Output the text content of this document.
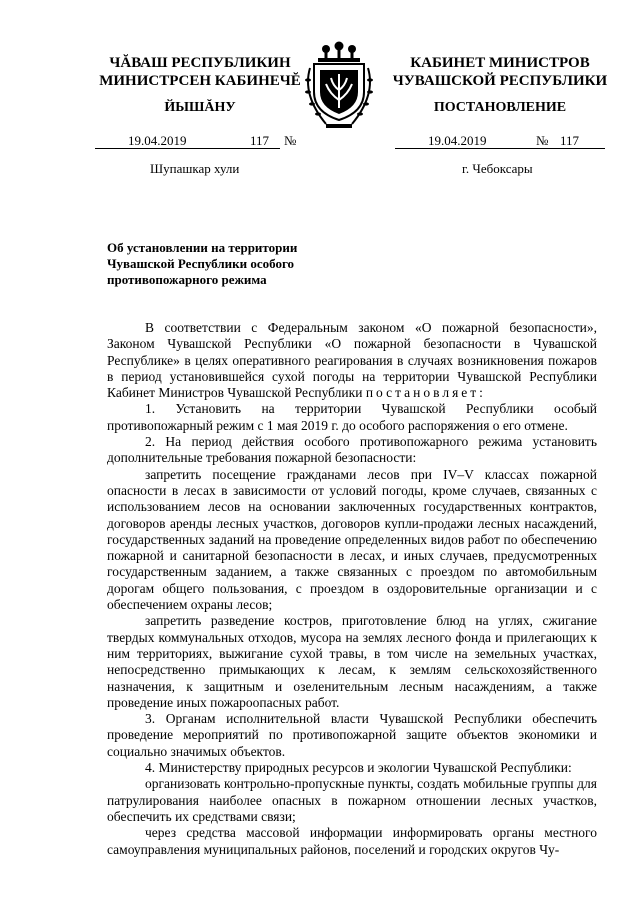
ЧĂВАШ РЕСПУБЛИКИН
МИНИСТРСЕН КАБИНЕЧĔ
ЙЫШĂНУ
КАБИНЕТ МИНИСТРОВ
ЧУВАШСКОЙ РЕСПУБЛИКИ
ПОСТАНОВЛЕНИЕ
19.04.2019	117 №	19.04.2019	№ 117
Шупашкар хули	г. Чебоксары
Об установлении на территории Чувашской Республики особого противопожарного режима

В соответствии с Федеральным законом «О пожарной безопасности», Законом Чувашской Республики «О пожарной безопасности в Чувашской Республике» в целях оперативного реагирования в случаях возникновения пожаров в период установившейся сухой погоды на территории Чувашской Республики Кабинет Министров Чувашской Республики постановляет:

1. Установить на территории Чувашской Республики особый противопожарный режим с 1 мая 2019 г. до особого распоряжения о его отмене.

2. На период действия особого противопожарного режима установить дополнительные требования пожарной безопасности:

запретить посещение гражданами лесов при IV–V классах пожарной опасности в лесах в зависимости от условий погоды, кроме случаев, связанных с использованием лесов на основании заключенных государственных контрактов, договоров аренды лесных участков, договоров купли-продажи лесных насаждений, государственных заданий на проведение определенных видов работ по обеспечению пожарной и санитарной безопасности в лесах, и иных случаев, предусмотренных государственным заданием, а также связанных с проездом по автомобильным дорогам общего пользования, с проездом в оздоровительные организации и с обеспечением охраны лесов;

запретить разведение костров, приготовление блюд на углях, сжигание твердых коммунальных отходов, мусора на землях лесного фонда и прилегающих к ним территориях, выжигание сухой травы, в том числе на земельных участках, непосредственно примыкающих к лесам, к землям сельскохозяйственного назначения, к защитным и озеленительным лесным насаждениям, а также проведение иных пожароопасных работ.

3. Органам исполнительной власти Чувашской Республики обеспечить проведение мероприятий по противопожарной защите объектов экономики и социально значимых объектов.

4. Министерству природных ресурсов и экологии Чувашской Республики:

организовать контрольно-пропускные пункты, создать мобильные группы для патрулирования наиболее опасных в пожарном отношении лесных участков, обеспечить их средствами связи;

через средства массовой информации информировать органы местного самоуправления муниципальных районов, поселений и городских округов Чу-
